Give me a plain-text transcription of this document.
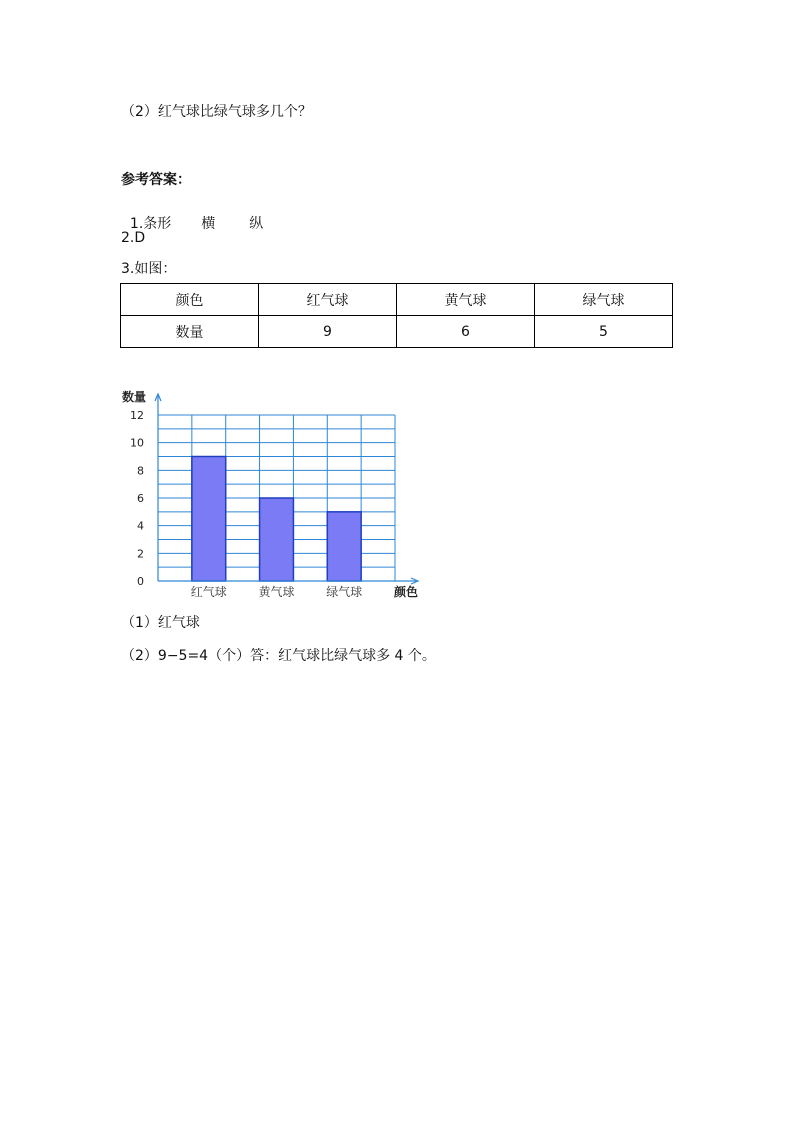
（2）红气球比绿气球多几个？
参考答案：

1.条形 横 纵

2.D
3.如图：
颜色	红气球	黄气球	绿气球
数量	9	6	5
红气球	黄气球	绿气球
0
2
4
6
8
10
12
数量
颜色
（1）红气球
（2）9−5=4（个）答：红气球比绿气球多 4 个。
